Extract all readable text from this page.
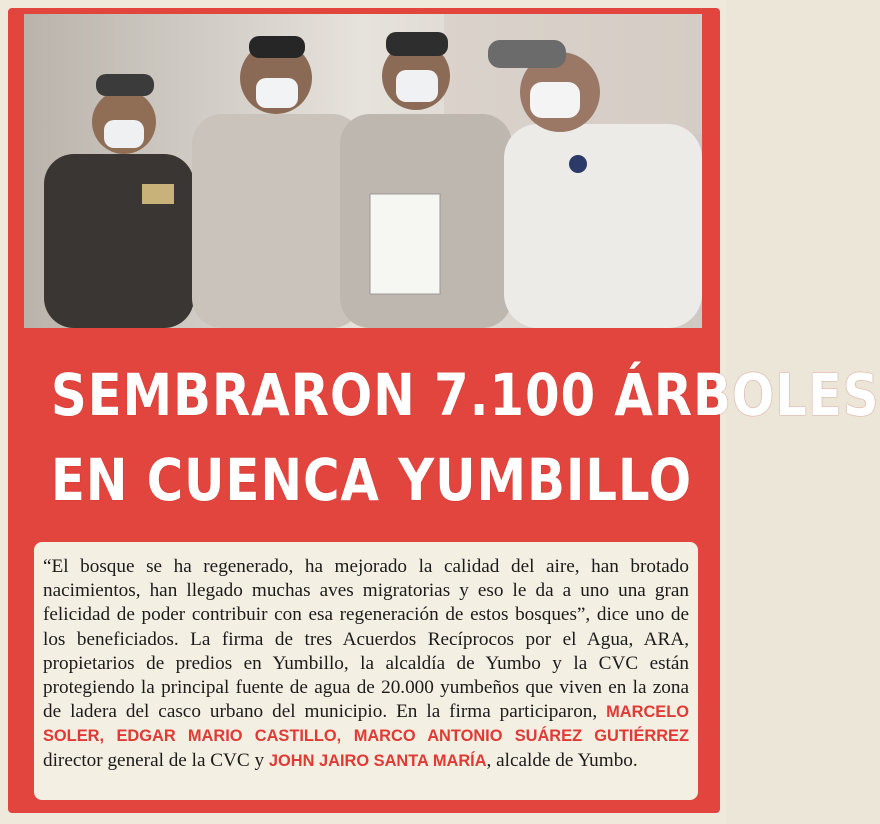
SEMBRARON 7.100 ÁRBOLES
EN CUENCA YUMBILLO
“El bosque se ha regenerado, ha mejorado la calidad del aire, han brotado nacimientos, han llegado muchas aves migratorias y eso le da a uno una gran felicidad de poder contribuir con esa regeneración de estos bosques”, dice uno de los beneficiados. La firma de tres Acuerdos Recíprocos por el Agua, ARA, propietarios de predios en Yumbillo, la alcaldía de Yumbo y la CVC están protegiendo la principal fuente de agua de 20.000 yumbeños que viven en la zona de ladera del casco urbano del municipio. En la firma participaron, MARCELO SOLER, EDGAR MARIO CASTILLO, MARCO ANTONIO SUÁREZ GUTIÉRREZ director general de la CVC y JOHN JAIRO SANTA MARÍA, alcalde de Yumbo.
